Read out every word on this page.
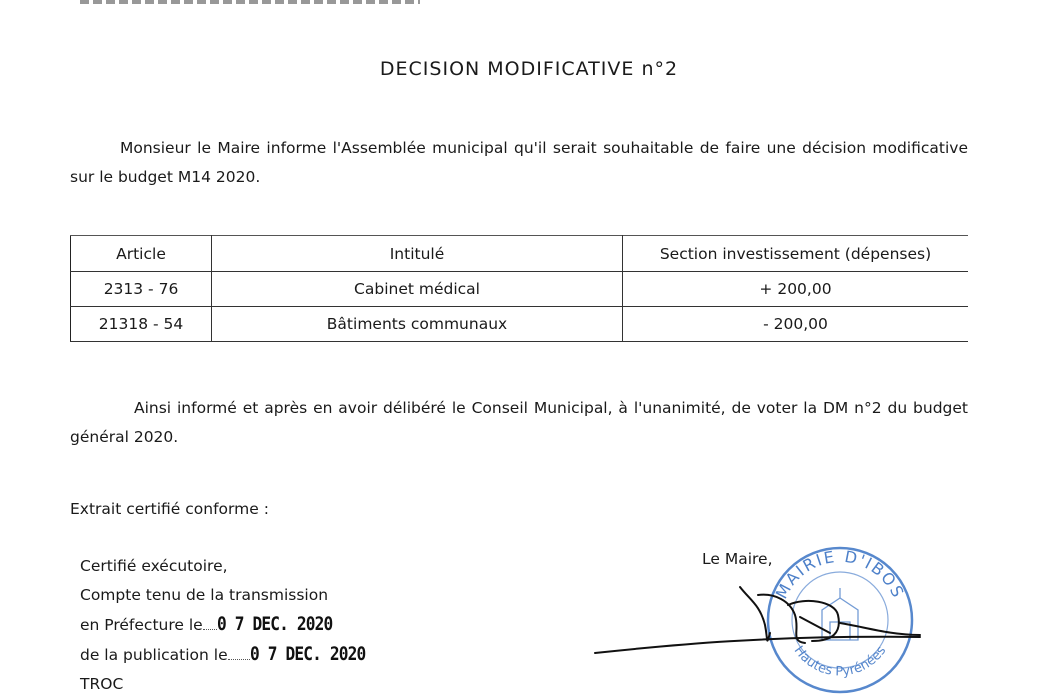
DECISION MODIFICATIVE n°2
Monsieur le Maire informe l'Assemblée municipal qu'il serait souhaitable de faire une décision modificative sur le budget M14 2020.
Article	Intitulé	Section investissement (dépenses)
2313 - 76	Cabinet médical	+ 200,00
21318 - 54	Bâtiments communaux	- 200,00
Ainsi informé et après en avoir délibéré le Conseil Municipal, à l'unanimité, de voter la DM n°2 du budget général 2020.
Extrait certifié conforme :
Certifié exécutoire,
Compte tenu de la transmission
en Préfecture le 0 7 DEC. 2020
de la publication le 0 7 DEC. 2020
TROC
Le Maire,
MAIRIE D'IBOS
Hautes Pyrénées
